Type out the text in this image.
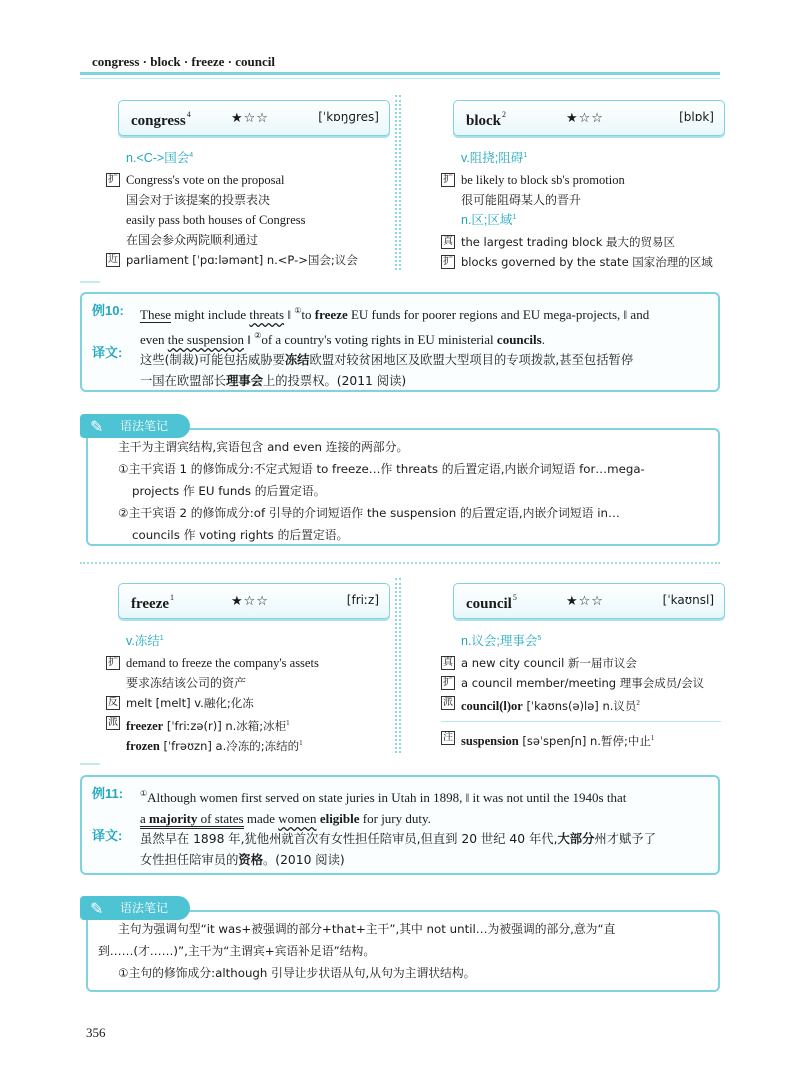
congress · block · freeze · council
congress$^4$	★☆☆	[ˈkɒŋɡres]
n.<C->国会$^4$
扩 Congress's vote on the proposal
国会对于该提案的投票表决
easily pass both houses of Congress
在国会参众两院顺利通过
近 parliament [ˈpɑːləmənt] n.<P->国会;议会
block$^2$	★☆☆	[blɒk]
v.阻挠;阻碍$^1$
扩 be likely to block sb's promotion
很可能阻碍某人的晋升
n.区;区域$^1$
真 the largest trading block 最大的贸易区
扩 blocks governed by the state 国家治理的区域
例10: These might include threats ‖ ①to freeze EU funds for poorer regions and EU mega-projects, ‖ and
even the suspension ‖ ②of a country's voting rights in EU ministerial councils.
译文: 这些(制裁)可能包括威胁要冻结欧盟对较贫困地区及欧盟大型项目的专项拨款,甚至包括暂停
一国在欧盟部长理事会上的投票权。(2011 阅读)
主干为主谓宾结构,宾语包含 and even 连接的两部分。
①主干宾语 1 的修饰成分:不定式短语 to freeze…作 threats 的后置定语,内嵌介词短语 for…mega-
projects 作 EU funds 的后置定语。
②主干宾语 2 的修饰成分:of 引导的介词短语作 the suspension 的后置定语,内嵌介词短语 in…
councils 作 voting rights 的后置定语。
✎ 语法笔记
freeze$^1$	★☆☆	[friːz]
v.冻结$^1$
扩 demand to freeze the company's assets
要求冻结该公司的资产
反 melt [melt] v.融化;化冻
派 freezer [ˈfriːzə(r)] n.冰箱;冰柜$^1$
frozen [ˈfrəʊzn] a.冷冻的;冻结的$^1$
council$^5$	★☆☆	[ˈkaʊnsl]
n.议会;理事会$^5$
真 a new city council 新一届市议会
扩 a council member/meeting 理事会成员/会议
派 council(l)or [ˈkaʊns(ə)lə] n.议员$^2$
注 suspension [səˈspenʃn] n.暂停;中止$^1$
例11: ①Although women first served on state juries in Utah in 1898, ‖ it was not until the 1940s that
a majority of states made women eligible for jury duty.
译文: 虽然早在 1898 年,犹他州就首次有女性担任陪审员,但直到 20 世纪 40 年代,大部分州才赋予了
女性担任陪审员的资格。(2010 阅读)
主句为强调句型“it was+被强调的部分+that+主干”,其中 not until…为被强调的部分,意为“直
到……(才……)”,主干为“主谓宾+宾语补足语”结构。
①主句的修饰成分:although 引导让步状语从句,从句为主谓状结构。
✎ 语法笔记
356
